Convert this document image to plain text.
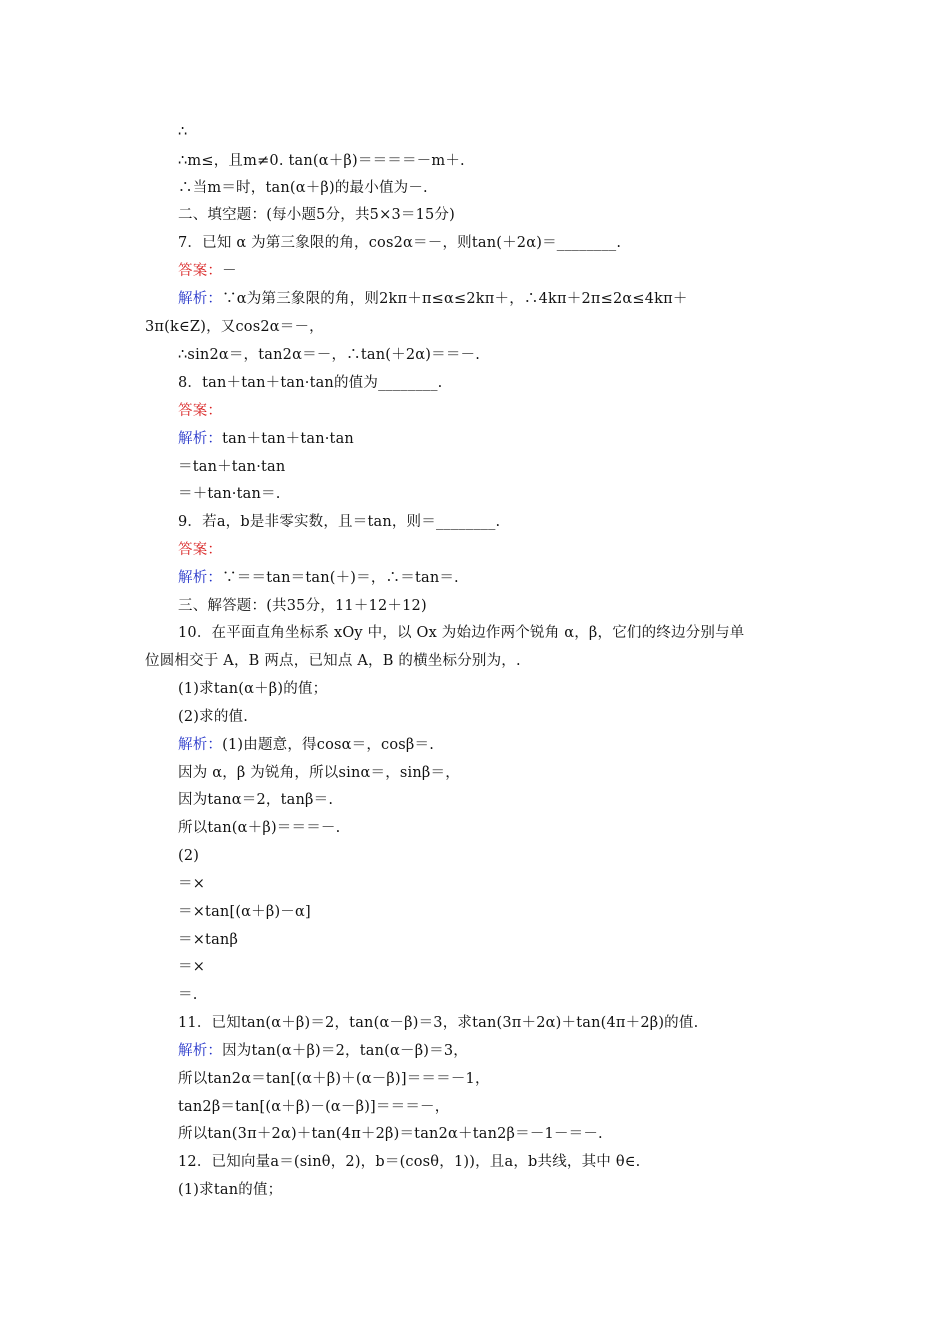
∴
∴m≤，且m≠0. tan(α＋β)＝＝＝＝－m＋.
∴当m＝时，tan(α＋β)的最小值为－.
二、填空题：(每小题5分，共5×3＝15分)
7．已知 α 为第三象限的角，cos2α＝－，则tan(＋2α)＝________.
答案：－
解析：∵α为第三象限的角，则2kπ＋π≤α≤2kπ＋，∴4kπ＋2π≤2α≤4kπ＋
3π(k∈Z)，又cos2α＝－，
∴sin2α＝，tan2α＝－，∴tan(＋2α)＝＝－.
8．tan＋tan＋tan·tan的值为________.
答案：
解析：tan＋tan＋tan·tan
＝tan＋tan·tan
＝＋tan·tan＝.
9．若a，b是非零实数，且＝tan，则＝________.
答案：
解析：∵＝＝tan＝tan(＋)＝，∴＝tan＝.
三、解答题：(共35分，11＋12＋12)
10．在平面直角坐标系 xOy 中，以 Ox 为始边作两个锐角 α，β，它们的终边分别与单
位圆相交于 A，B 两点，已知点 A，B 的横坐标分别为，.
(1)求tan(α＋β)的值；
(2)求的值.
解析：(1)由题意，得cosα＝，cosβ＝.
因为 α，β 为锐角，所以sinα＝，sinβ＝，
因为tanα＝2，tanβ＝.
所以tan(α＋β)＝＝＝－.
(2)
＝×
＝×tan[(α＋β)－α]
＝×tanβ
＝×
＝.
11．已知tan(α＋β)＝2，tan(α－β)＝3，求tan(3π＋2α)＋tan(4π＋2β)的值.
解析：因为tan(α＋β)＝2，tan(α－β)＝3，
所以tan2α＝tan[(α＋β)＋(α－β)]＝＝＝－1，
tan2β＝tan[(α＋β)－(α－β)]＝＝＝－，
所以tan(3π＋2α)＋tan(4π＋2β)＝tan2α＋tan2β＝－1－＝－.
12．已知向量a＝(sinθ，2)，b＝(cosθ，1))，且a，b共线，其中 θ∈.
(1)求tan的值；
